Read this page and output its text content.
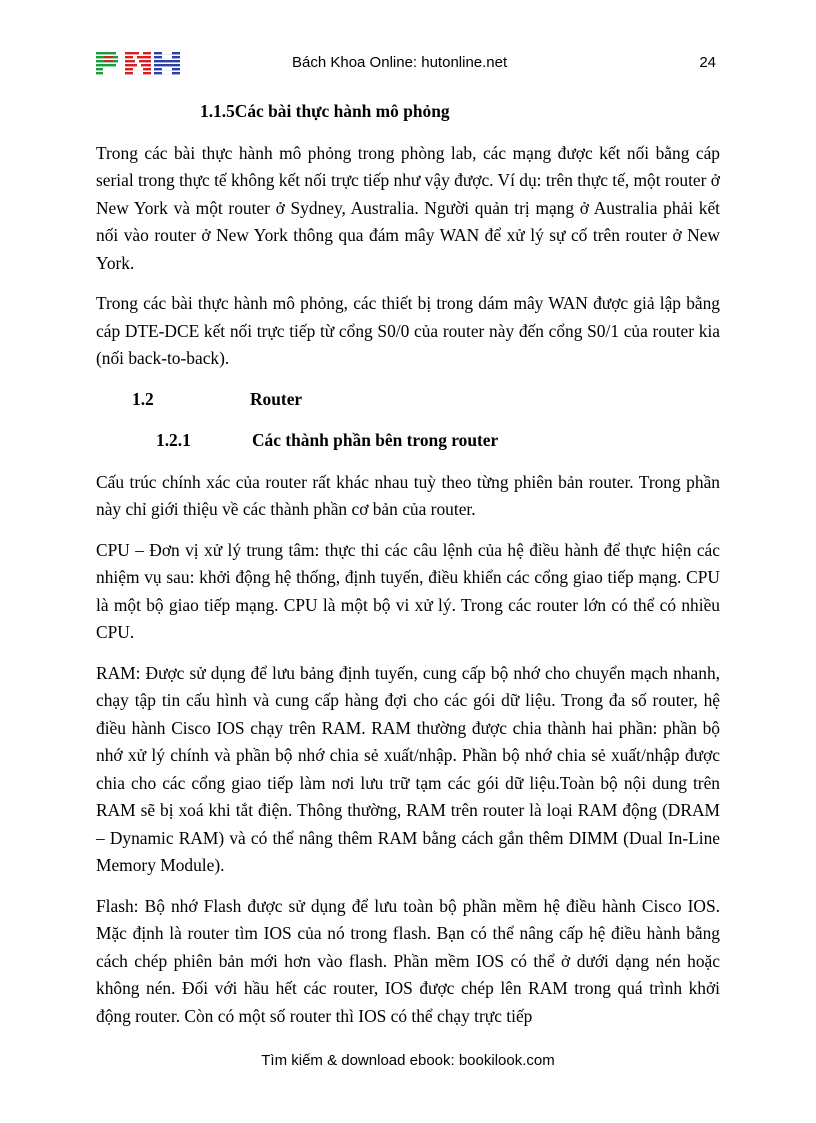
Bách Khoa Online: hutonline.net	24
1.1.5Các bài thực hành mô phỏng

Trong các bài thực hành mô phỏng trong phòng lab, các mạng được kết nối bằng cáp serial trong thực tế không kết nối trực tiếp như vậy được. Ví dụ: trên thực tế, một router ở New York và một router ở Sydney, Australia. Người quản trị mạng ở Australia phải kết nối vào router ở New York thông qua đám mây WAN để xử lý sự cố trên router ở New York.

Trong các bài thực hành mô phỏng, các thiết bị trong dám mây WAN được giả lập bằng cáp DTE-DCE kết nối trực tiếp từ cổng S0/0 của router này đến cổng S0/1 của router kia (nối back-to-back).

1.2	Router
1.2.1	Các thành phần bên trong router

Cấu trúc chính xác của router rất khác nhau tuỳ theo từng phiên bản router. Trong phần này chỉ giới thiệu về các thành phần cơ bản của router.

CPU – Đơn vị xử lý trung tâm: thực thi các câu lệnh của hệ điều hành để thực hiện các nhiệm vụ sau: khởi động hệ thống, định tuyến, điều khiển các cổng giao tiếp mạng. CPU là một bộ giao tiếp mạng. CPU là một bộ vi xử lý. Trong các router lớn có thể có nhiều CPU.

RAM: Được sử dụng để lưu bảng định tuyến, cung cấp bộ nhớ cho chuyển mạch nhanh, chạy tập tin cấu hình và cung cấp hàng đợi cho các gói dữ liệu. Trong đa số router, hệ điều hành Cisco IOS chạy trên RAM. RAM thường được chia thành hai phần: phần bộ nhớ xử lý chính và phần bộ nhớ chia sẻ xuất/nhập. Phần bộ nhớ chia sẻ xuất/nhập được chia cho các cổng giao tiếp làm nơi lưu trữ tạm các gói dữ liệu.Toàn bộ nội dung trên RAM sẽ bị xoá khi tắt điện. Thông thường, RAM trên router là loại RAM động (DRAM – Dynamic RAM) và có thể nâng thêm RAM bằng cách gắn thêm DIMM (Dual In-Line Memory Module).

Flash: Bộ nhớ Flash được sử dụng để lưu toàn bộ phần mềm hệ điều hành Cisco IOS. Mặc định là router tìm IOS của nó trong flash. Bạn có thể nâng cấp hệ điều hành bằng cách chép phiên bản mới hơn vào flash. Phần mềm IOS có thể ở dưới dạng nén hoặc không nén. Đối với hầu hết các router, IOS được chép lên RAM trong quá trình khởi động router. Còn có một số router thì IOS có thể chạy trực tiếp

Tìm kiếm & download ebook: bookilook.com
